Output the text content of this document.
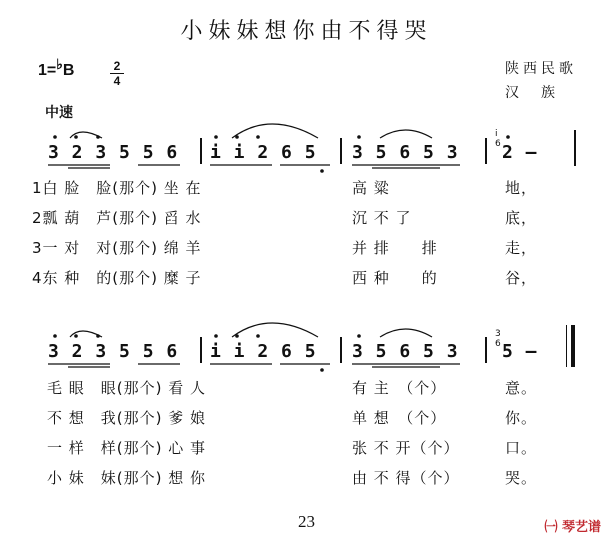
小妹妹想你由不得哭
陕西民歌
汉　族
1=♭B	2
4
中速
3 2 3 5 5 6 i i 2 6 5 3 5 6 5 3 2 –
1白 脸　脸(那个) 坐 在	高 粱	地，
2瓢 葫　芦(那个) 舀 水	沉 不 了	底，
3一 对　对(那个) 绵 羊	并 排　　排	走，
4东 种　的(那个) 糜 子	西 种　　的	谷，
3 2 3 5 5 6 i i 2 6 5 3 5 6 5 3 5 –
毛 眼　眼(那个) 看 人	有 主　（个）	意。
不 想　我(那个) 爹 娘	单 想　（个）	你。
一 样　样(那个) 心 事	张 不 开（个）	口。
小 妹　妹(那个) 想 你	由 不 得（个）	哭。
i
6
3
6
23	㈠ 琴艺谱
